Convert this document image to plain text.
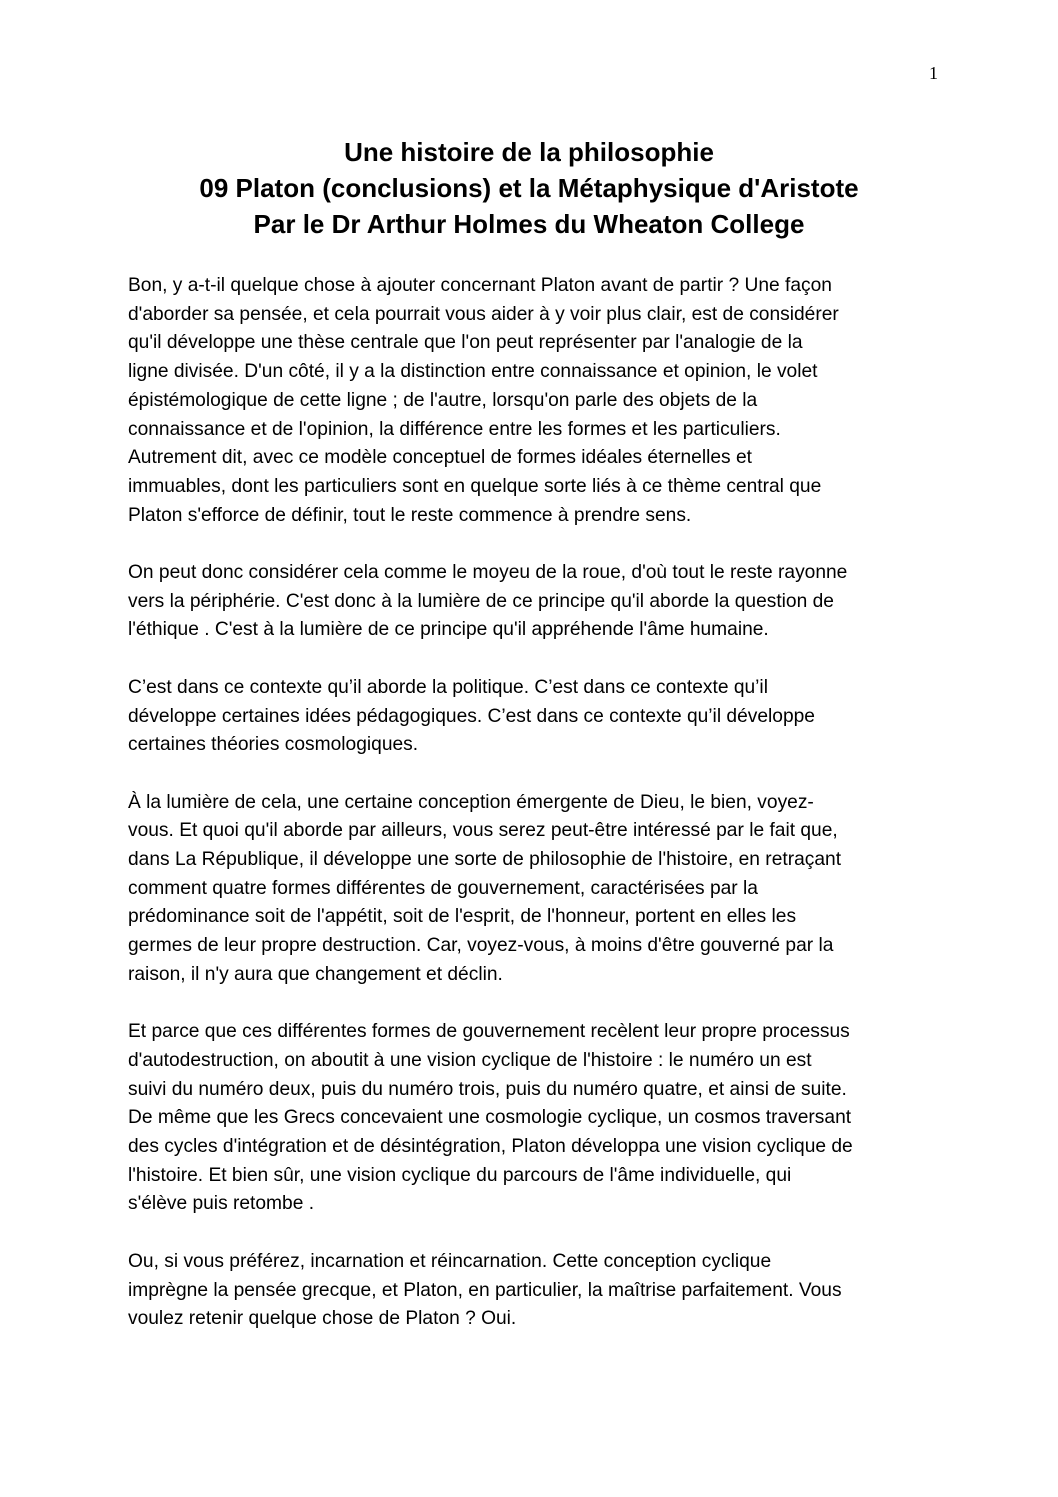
1
Une histoire de la philosophie
09 Platon (conclusions) et la Métaphysique d'Aristote
Par le Dr Arthur Holmes du Wheaton College

Bon, y a-t-il quelque chose à ajouter concernant Platon avant de partir ? Une façon
d'aborder sa pensée, et cela pourrait vous aider à y voir plus clair, est de considérer
qu'il développe une thèse centrale que l'on peut représenter par l'analogie de la
ligne divisée. D'un côté, il y a la distinction entre connaissance et opinion, le volet
épistémologique de cette ligne ; de l'autre, lorsqu'on parle des objets de la
connaissance et de l'opinion, la différence entre les formes et les particuliers.
Autrement dit, avec ce modèle conceptuel de formes idéales éternelles et
immuables, dont les particuliers sont en quelque sorte liés à ce thème central que
Platon s'efforce de définir, tout le reste commence à prendre sens.

On peut donc considérer cela comme le moyeu de la roue, d'où tout le reste rayonne
vers la périphérie. C'est donc à la lumière de ce principe qu'il aborde la question de
l'éthique . C'est à la lumière de ce principe qu'il appréhende l'âme humaine.

C’est dans ce contexte qu’il aborde la politique. C’est dans ce contexte qu’il
développe certaines idées pédagogiques. C’est dans ce contexte qu’il développe
certaines théories cosmologiques.

À la lumière de cela, une certaine conception émergente de Dieu, le bien, voyez-
vous. Et quoi qu'il aborde par ailleurs, vous serez peut-être intéressé par le fait que,
dans La République, il développe une sorte de philosophie de l'histoire, en retraçant
comment quatre formes différentes de gouvernement, caractérisées par la
prédominance soit de l'appétit, soit de l'esprit, de l'honneur, portent en elles les
germes de leur propre destruction. Car, voyez-vous, à moins d'être gouverné par la
raison, il n'y aura que changement et déclin.

Et parce que ces différentes formes de gouvernement recèlent leur propre processus
d'autodestruction, on aboutit à une vision cyclique de l'histoire : le numéro un est
suivi du numéro deux, puis du numéro trois, puis du numéro quatre, et ainsi de suite.
De même que les Grecs concevaient une cosmologie cyclique, un cosmos traversant
des cycles d'intégration et de désintégration, Platon développa une vision cyclique de
l'histoire. Et bien sûr, une vision cyclique du parcours de l'âme individuelle, qui
s'élève puis retombe .

Ou, si vous préférez, incarnation et réincarnation. Cette conception cyclique
imprègne la pensée grecque, et Platon, en particulier, la maîtrise parfaitement. Vous
voulez retenir quelque chose de Platon ? Oui.
